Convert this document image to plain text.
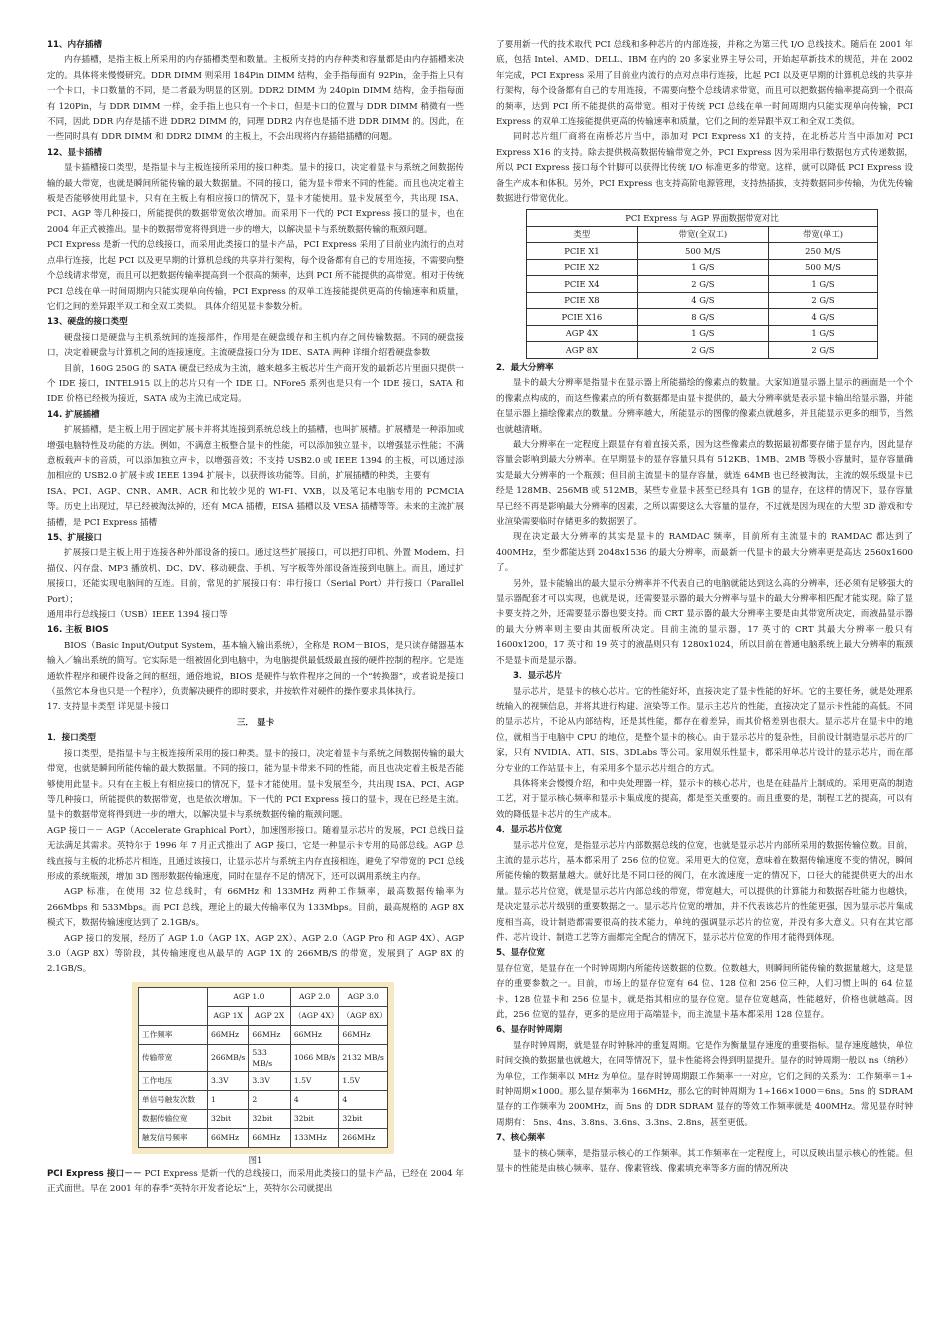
11、内存插槽

内存插槽，是指主板上所采用的内存插槽类型和数量。主板所支持的内存种类和容量都是由内存插槽来决定的。具体将来慢慢研究。DDR DIMM 则采用 184Pin DIMM 结构，金手指每面有 92Pin，金手指上只有一个卡口，卡口数量的不同，是二者最为明显的区别。DDR2 DIMM 为 240pin DIMM 结构，金手指每面有 120Pin，与 DDR DIMM 一样，金手指上也只有一个卡口，但是卡口的位置与 DDR DIMM 稍微有一些不同，因此 DDR 内存是插不进 DDR2 DIMM 的，同理 DDR2 内存也是插不进 DDR DIMM 的。因此，在一些同时具有 DDR DIMM 和 DDR2 DIMM 的主板上，不会出现将内存插错插槽的问题。

12、显卡插槽

显卡插槽接口类型，是指显卡与主板连接所采用的接口种类。显卡的接口，决定着显卡与系统之间数据传输的最大带宽，也就是瞬间所能传输的最大数据量。不同的接口，能为显卡带来不同的性能。而且也决定着主板是否能够使用此显卡，只有在主板上有相应接口的情况下，显卡才能使用。显卡发展至今，共出现 ISA、PCI、AGP 等几种接口，所能提供的数据带宽依次增加。而采用下一代的 PCI Express 接口的显卡，也在 2004 年正式被推出。显卡的数据带宽将得到进一步的增大，以解决显卡与系统数据传输的瓶颈问题。

PCI Express 是新一代的总线接口，而采用此类接口的显卡产品，PCI Express 采用了目前业内流行的点对点串行连接，比起 PCI 以及更早期的计算机总线的共享并行架构，每个设备都有自己的专用连接，不需要向整个总线请求带宽，而且可以把数据传输率提高到一个很高的频率，达到 PCI 所不能提供的高带宽。相对于传统 PCI 总线在单一时间周期内只能实现单向传输，PCI Express 的双单工连接能提供更高的传输速率和质量，它们之间的差异跟半双工和全双工类似。 具体介绍见显卡参数分析。

13、硬盘的接口类型

硬盘接口是硬盘与主机系统间的连接部件，作用是在硬盘缓存和主机内存之间传输数据。不同的硬盘接口，决定着硬盘与计算机之间的连接速度。主流硬盘接口分为 IDE、SATA 两种 详细介绍看硬盘参数

目前，160G 250G 的 SATA 硬盘已经成为主流，越来越多主板芯片生产商开发的最新芯片里面只提供一个 IDE 接口，INTEL915 以上的芯片只有一个 IDE 口。NFore5 系列也是只有一个 IDE 接口，SATA 和 IDE 价格已经极为接近，SATA 成为主流已成定局。

14. 扩展插槽

扩展插槽，是主板上用于固定扩展卡并将其连接到系统总线上的插槽，也叫扩展槽。扩展槽是一种添加或增强电脑特性及功能的方法。例如，不满意主板整合显卡的性能，可以添加独立显卡，以增强显示性能；不满意板载声卡的音质，可以添加独立声卡，以增强音效；不支持 USB2.0 或 IEEE 1394 的主板，可以通过添加相应的 USB2.0 扩展卡或 IEEE 1394 扩展卡，以获得该功能等。目前，扩展插槽的种类，主要有

ISA、PCI、AGP、CNR、AMR、ACR 和比较少见的 WI-FI、VXB，以及笔记本电脑专用的 PCMCIA 等。历史上出现过，早已经被淘汰掉的，还有 MCA 插槽，EISA 插槽以及 VESA 插槽等等。未来的主流扩展插槽，是 PCI Express 插槽

15、扩展接口

扩展接口是主板上用于连接各种外部设备的接口。通过这些扩展接口，可以把打印机、外置 Modem、扫描仪、闪存盘、MP3 播放机、DC、DV、移动硬盘、手机、写字板等外部设备连接到电脑上。而且，通过扩展接口，还能实现电脑间的互连。目前，常见的扩展接口有：串行接口（Serial Port）并行接口（Parallel Port）；

通用串行总线接口（USB）IEEE 1394 接口等

16. 主板 BIOS

BIOS（Basic Input/Output System，基本输入输出系统），全称是 ROM－BIOS，是只读存储器基本输入／输出系统的简写。它实际是一组被固化到电脑中，为电脑提供最低级最直接的硬件控制的程序。它是连通软件程序和硬件设备之间的枢纽，通俗地说，BIOS 是硬件与软件程序之间的一个“转换器”，或者说是接口（虽然它本身也只是一个程序），负责解决硬件的即时要求，并按软件对硬件的操作要求具体执行。

17. 支持显卡类型 详见显卡接口

三． 显卡

1．接口类型

接口类型，是指显卡与主板连接所采用的接口种类。显卡的接口，决定着显卡与系统之间数据传输的最大带宽，也就是瞬间所能传输的最大数据量。不同的接口，能为显卡带来不同的性能，而且也决定着主板是否能够使用此显卡。只有在主板上有相应接口的情况下，显卡才能使用。显卡发展至今，共出现 ISA、PCI、AGP 等几种接口，所能提供的数据带宽，也是依次增加。下一代的 PCI Express 接口的显卡，现在已经是主流。显卡的数据带宽将得到进一步的增大，以解决显卡与系统数据传输的瓶颈问题。

AGP 接口－－ AGP（Accelerate Graphical Port），加速图形接口。随着显示芯片的发展，PCI 总线日益无法满足其需求。英特尔于 1996 年 7 月正式推出了 AGP 接口，它是一种显示卡专用的局部总线。AGP 总线直接与主板的北桥芯片相连，且通过该接口，让显示芯片与系统主内存直接相连，避免了窄带宽的 PCI 总线形成的系统瓶颈，增加 3D 图形数据传输速度，同时在显存不足的情况下，还可以调用系统主内存。

AGP 标准，在使用 32 位总线时，有 66MHz 和 133MHz 两种工作频率，最高数据传输率为 266Mbps 和 533Mbps。而 PCI 总线，理论上的最大传输率仅为 133Mbps。目前，最高规格的 AGP 8X 模式下，数据传输速度达到了 2.1GB/s。

AGP 接口的发展，经历了 AGP 1.0（AGP 1X、AGP 2X）、AGP 2.0（AGP Pro 和 AGP 4X）、AGP 3.0（AGP 8X）等阶段，其传输速度也从最早的 AGP 1X 的 266MB/S 的带宽，发展到了 AGP 8X 的 2.1GB/S。

	AGP 1.0		AGP 2.0	AGP 3.0
	AGP 1X	AGP 2X	（AGP 4X）	（AGP 8X）
工作频率	66MHz	66MHz	66MHz	66MHz
传输带宽	266MB/s	533 MB/s	1066 MB/s	2132 MB/s
工作电压	3.3V	3.3V	1.5V	1.5V
单信号触发次数	1	2	4	4
数据传输位宽	32bit	32bit	32bit	32bit
触发信号频率	66MHz	66MHz	133MHz	266MHz

图1

PCI Express 接口－－ PCI Express 是新一代的总线接口，而采用此类接口的显卡产品，已经在 2004 年正式面世。早在 2001 年的春季“英特尔开发者论坛”上，英特尔公司就提出

了要用新一代的技术取代 PCI 总线和多种芯片的内部连接，并称之为第三代 I/O 总线技术。随后在 2001 年底，包括 Intel、AMD、DELL、IBM 在内的 20 多家业界主导公司，开始起草新技术的规范，并在 2002 年完成，PCI Express 采用了目前业内流行的点对点串行连接，比起 PCI 以及更早期的计算机总线的共享并行架构，每个设备都有自己的专用连接，不需要向整个总线请求带宽，而且可以把数据传输率提高到一个很高的频率，达到 PCI 所不能提供的高带宽。相对于传统 PCI 总线在单一时间周期内只能实现单向传输，PCI Express 的双单工连接能提供更高的传输速率和质量，它们之间的差异跟半双工和全双工类似。

同时芯片组厂商将在南桥芯片当中，添加对 PCI Express X1 的支持，在北桥芯片当中添加对 PCI Express X16 的支持。除去提供极高数据传输带宽之外，PCI Express 因为采用串行数据包方式传递数据，所以 PCI Express 接口每个针脚可以获得比传统 I/O 标准更多的带宽。这样，就可以降低 PCI Express 设备生产成本和体积。另外，PCI Express 也支持高阶电源管理，支持热插拔，支持数据同步传输，为优先传输数据进行带宽优化。

PCI Express 与 AGP 界面数据带宽对比		
类型	带宽(全双工)	带宽(单工)
PCIE X1	500 M/S	250 M/S
PCIE X2	1 G/S	500 M/S
PCIE X4	2 G/S	1 G/S
PCIE X8	4 G/S	2 G/S
PCIE X16	8 G/S	4 G/S
AGP 4X	1 G/S	1 G/S
AGP 8X	2 G/S	2 G/S

2．最大分辨率

显卡的最大分辨率是指显卡在显示器上所能描绘的像素点的数量。大家知道显示器上显示的画面是一个个的像素点构成的，而这些像素点的所有数据都是由显卡提供的，最大分辨率就是表示显卡输出给显示器，并能在显示器上描绘像素点的数量。分辨率越大，所能显示的图像的像素点就越多，并且能显示更多的细节，当然也就越清晰。

最大分辨率在一定程度上跟显存有着直接关系，因为这些像素点的数据最初都要存储于显存内，因此显存容量会影响到最大分辨率。在早期显卡的显存容量只具有 512KB、1MB、2MB 等极小容量时，显存容量确实是最大分辨率的一个瓶颈；但目前主流显卡的显存容量，就连 64MB 也已经被淘汰，主流的娱乐级显卡已经是 128MB、256MB 或 512MB，某些专业显卡甚至已经具有 1GB 的显存，在这样的情况下，显存容量早已经不再是影响最大分辨率的因素，之所以需要这么大容量的显存，不过就是因为现在的大型 3D 游戏和专业渲染需要临时存储更多的数据罢了。

现在决定最大分辨率的其实是显卡的 RAMDAC 频率，目前所有主流显卡的 RAMDAC 都达到了 400MHz，至少都能达到 2048x1536 的最大分辨率，而最新一代显卡的最大分辨率更是高达 2560x1600 了。

另外，显卡能输出的最大显示分辨率并不代表自己的电脑就能达到这么高的分辨率，还必须有足够强大的显示器配套才可以实现，也就是说，还需要显示器的最大分辨率与显卡的最大分辨率相匹配才能实现。除了显卡要支持之外，还需要显示器也要支持。而 CRT 显示器的最大分辨率主要是由其带宽所决定，而液晶显示器的最大分辨率则主要由其面板所决定。目前主流的显示器，17 英寸的 CRT 其最大分辨率一般只有 1600x1200，17 英寸和 19 英寸的液晶则只有 1280x1024，所以目前在普通电脑系统上最大分辨率的瓶颈不是显卡而是显示器。

3．显示芯片

显示芯片，是显卡的核心芯片。它的性能好坏，直接决定了显卡性能的好坏。它的主要任务，就是处理系统输入的视频信息，并将其进行构建、渲染等工作。显示主芯片的性能，直接决定了显示卡性能的高低。不同的显示芯片，不论从内部结构，还是其性能，都存在着差异，而其价格差别也很大。显示芯片在显卡中的地位，就相当于电脑中 CPU 的地位，是整个显卡的核心。由于显示芯片的复杂性，目前设计制造显示芯片的厂家，只有 NVIDIA、ATI、SIS、3DLabs 等公司。家用娱乐性显卡，都采用单芯片设计的显示芯片，而在部分专业的工作站显卡上，有采用多个显示芯片组合的方式。

具体将来会慢慢介绍，和中央处理器一样，显示卡的核心芯片，也是在硅晶片上制成的。采用更高的制造工艺，对于显示核心频率和显示卡集成度的提高，都是至关重要的。而且重要的是，制程工艺的提高，可以有效的降低显卡芯片的生产成本。

4．显示芯片位宽

显示芯片位宽，是指显示芯片内部数据总线的位宽，也就是显示芯片内部所采用的数据传输位数。目前，主流的显示芯片，基本都采用了 256 位的位宽。采用更大的位宽，意味着在数据传输速度不变的情况，瞬间所能传输的数据量越大。就好比是不同口径的阀门，在水流速度一定的情况下，口径大的能提供更大的出水量。显示芯片位宽，就是显示芯片内部总线的带宽，带宽越大，可以提供的计算能力和数据吞吐能力也越快，是决定显示芯片级别的重要数据之一。显示芯片位宽的增加，并不代表该芯片的性能更强，因为显示芯片集成度相当高，设计制造都需要很高的技术能力，单纯的强调显示芯片的位宽，并没有多大意义。只有在其它部件、芯片设计、制造工艺等方面都完全配合的情况下，显示芯片位宽的作用才能得到体现。

5、显存位宽

显存位宽，是显存在一个时钟周期内所能传送数据的位数。位数越大，则瞬间所能传输的数据量越大，这是显存的重要参数之一。目前，市场上的显存位宽有 64 位、128 位和 256 位三种，人们习惯上叫的 64 位显卡、128 位显卡和 256 位显卡，就是指其相应的显存位宽。显存位宽越高，性能越好，价格也就越高。因此，256 位宽的显存，更多的是应用于高端显卡，而主流显卡基本都采用 128 位显存。

6、显存时钟周期

显存时钟周期，就是显存时钟脉冲的重复周期。它是作为衡量显存速度的重要指标。显存速度越快，单位时间交换的数据量也就越大，在同等情况下，显卡性能将会得到明显提升。显存的时钟周期一般以 ns（纳秒）为单位，工作频率以 MHz 为单位。显存时钟周期跟工作频率一一对应，它们之间的关系为：工作频率＝1÷时钟周期×1000。那么显存频率为 166MHz，那么它的时钟周期为 1÷166×1000＝6ns。5ns 的 SDRAM 显存的工作频率为 200MHz，而 5ns 的 DDR SDRAM 显存的等效工作频率就是 400MHz。常见显存时钟周期有： 5ns、4ns、3.8ns、3.6ns、3.3ns、2.8ns，甚至更低。

7、核心频率

显卡的核心频率，是指显示核心的工作频率。其工作频率在一定程度上，可以反映出显示核心的性能。但显卡的性能是由核心频率、显存、像素管线、像素填充率等多方面的情况所决
